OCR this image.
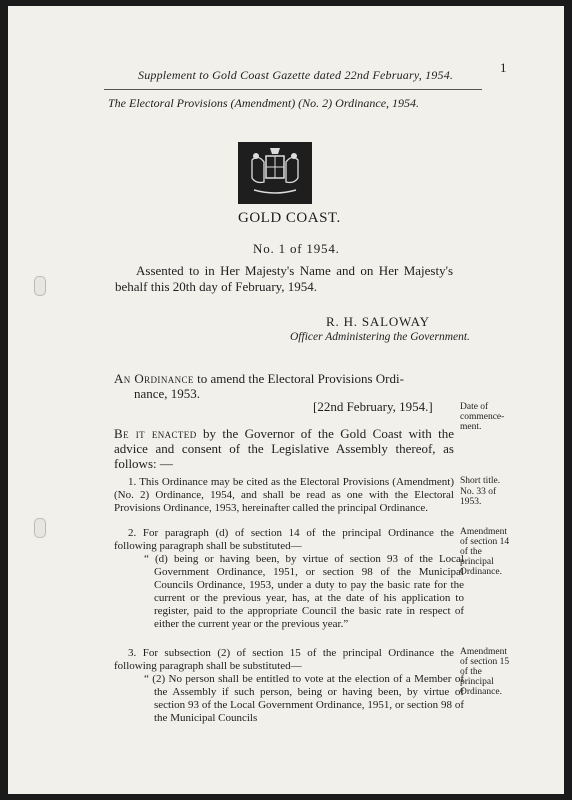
Supplement to Gold Coast Gazette dated 22nd February, 1954.	1
The Electoral Provisions (Amendment) (No. 2) Ordinance, 1954.
GOLD COAST.
No. 1 of 1954.
Assented to in Her Majesty's Name and on Her Majesty's behalf this 20th day of February, 1954.
R. H. SALOWAY
Officer Administering the Government.
An Ordinance to amend the Electoral Provisions Ordi-
nance, 1953.
[22nd February, 1954.]	Date of commence- ment.
Be it enacted by the Governor of the Gold Coast with the advice and consent of the Legislative Assembly thereof, as follows: —
1. This Ordinance may be cited as the Electoral Provisions (Amendment) (No. 2) Ordinance, 1954, and shall be read as one with the Electoral Provisions Ordinance, 1953, hereinafter called the principal Ordinance.
Short title.
No. 33 of
1953.
2. For paragraph (d) of section 14 of the principal Ordinance the following paragraph shall be substituted—
“ (d) being or having been, by virtue of section 93 of the Local Government Ordinance, 1951, or section 98 of the Municipal Councils Ordinance, 1953, under a duty to pay the basic rate for the current or the previous year, has, at the date of his application to register, paid to the appropriate Council the basic rate in respect of either the current year or the previous year.”
Amendment of section 14 of the principal Ordinance.
3. For subsection (2) of section 15 of the principal Ordinance the following paragraph shall be substituted—
“ (2) No person shall be entitled to vote at the election of a Member of the Assembly if such person, being or having been, by virtue of section 93 of the Local Government Ordinance, 1951, or section 98 of the Municipal Councils
Amendment of section 15 of the principal Ordinance.
